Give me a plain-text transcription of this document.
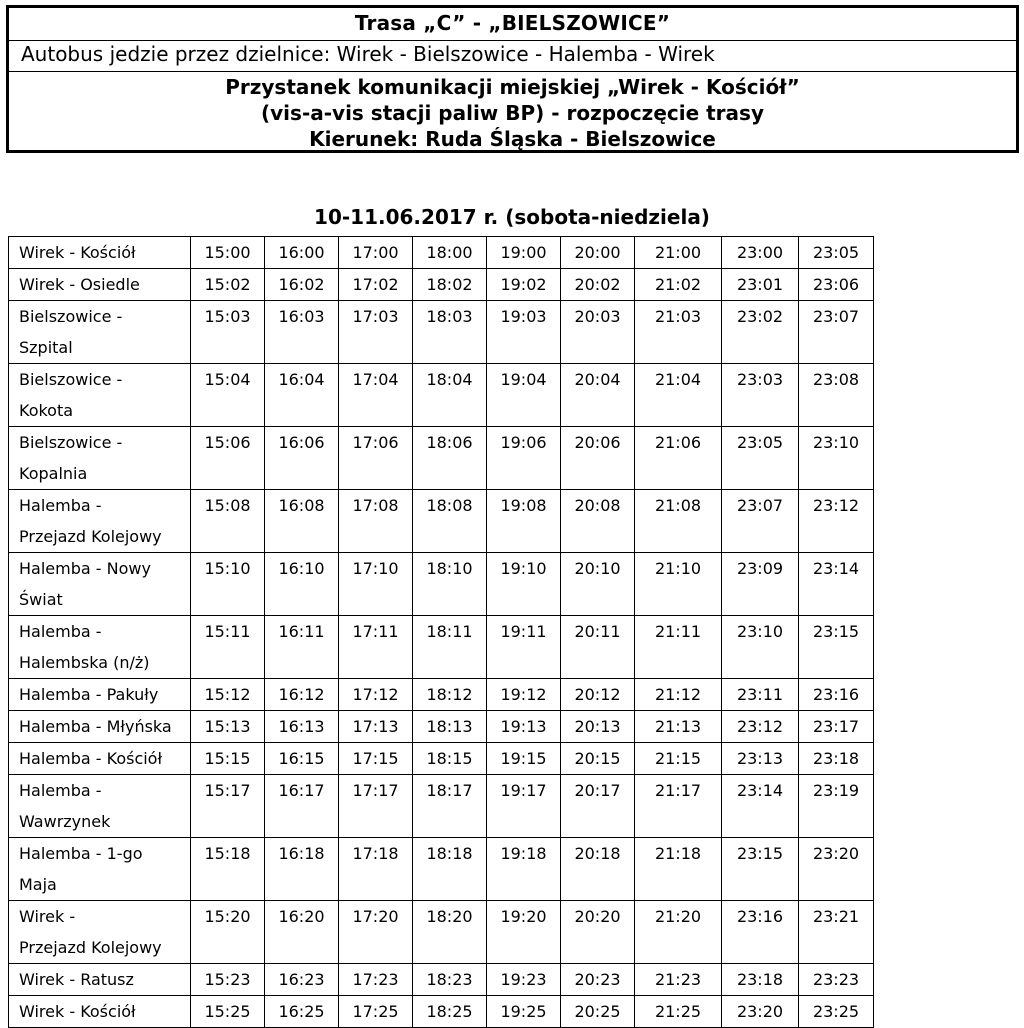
Trasa „C” - „BIELSZOWICE”
Autobus jedzie przez dzielnice: Wirek - Bielszowice - Halemba - Wirek
Przystanek komunikacji miejskiej „Wirek - Kościół”
(vis-a-vis stacji paliw BP) - rozpoczęcie trasy
Kierunek: Ruda Śląska - Bielszowice
10-11.06.2017 r. (sobota-niedziela)
Wirek - Kościół	15:00	16:00	17:00	18:00	19:00	20:00	21:00	23:00	23:05
Wirek - Osiedle	15:02	16:02	17:02	18:02	19:02	20:02	21:02	23:01	23:06
Bielszowice -
Szpital	15:03	16:03	17:03	18:03	19:03	20:03	21:03	23:02	23:07
Bielszowice -
Kokota	15:04	16:04	17:04	18:04	19:04	20:04	21:04	23:03	23:08
Bielszowice -
Kopalnia	15:06	16:06	17:06	18:06	19:06	20:06	21:06	23:05	23:10
Halemba -
Przejazd Kolejowy	15:08	16:08	17:08	18:08	19:08	20:08	21:08	23:07	23:12
Halemba - Nowy
Świat	15:10	16:10	17:10	18:10	19:10	20:10	21:10	23:09	23:14
Halemba -
Halembska (n/ż)	15:11	16:11	17:11	18:11	19:11	20:11	21:11	23:10	23:15
Halemba - Pakuły	15:12	16:12	17:12	18:12	19:12	20:12	21:12	23:11	23:16
Halemba - Młyńska	15:13	16:13	17:13	18:13	19:13	20:13	21:13	23:12	23:17
Halemba - Kościół	15:15	16:15	17:15	18:15	19:15	20:15	21:15	23:13	23:18
Halemba -
Wawrzynek	15:17	16:17	17:17	18:17	19:17	20:17	21:17	23:14	23:19
Halemba - 1-go
Maja	15:18	16:18	17:18	18:18	19:18	20:18	21:18	23:15	23:20
Wirek -
Przejazd Kolejowy	15:20	16:20	17:20	18:20	19:20	20:20	21:20	23:16	23:21
Wirek - Ratusz	15:23	16:23	17:23	18:23	19:23	20:23	21:23	23:18	23:23
Wirek - Kościół	15:25	16:25	17:25	18:25	19:25	20:25	21:25	23:20	23:25
